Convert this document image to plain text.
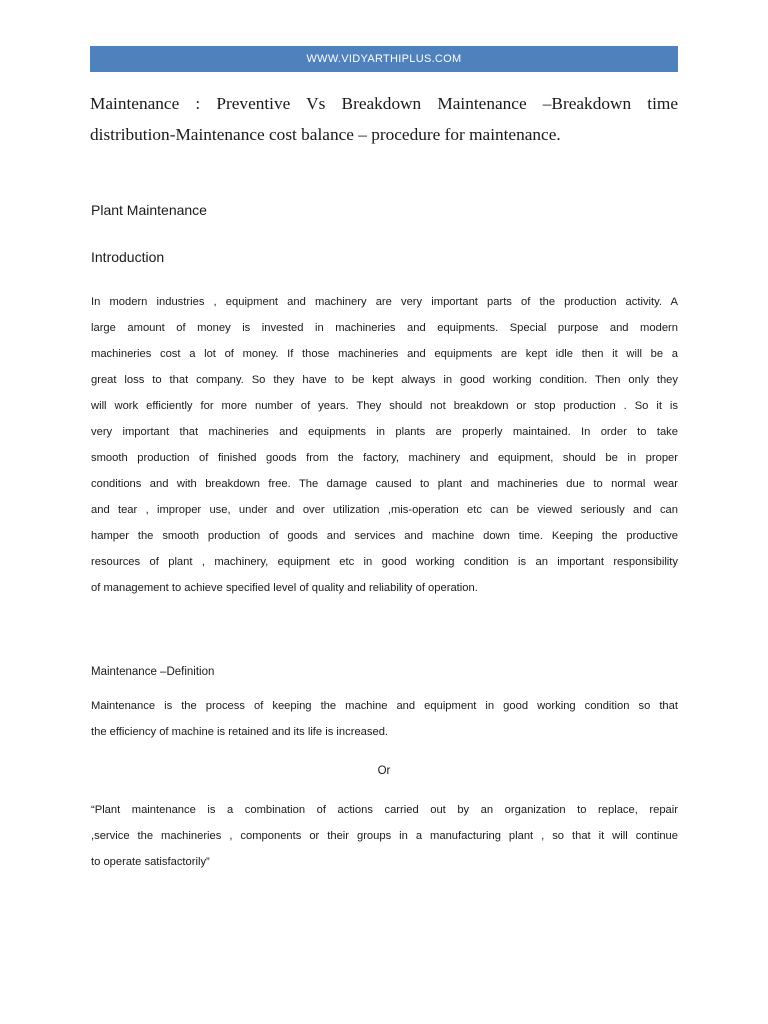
WWW.VIDYARTHIPLUS.COM
Maintenance : Preventive Vs Breakdown Maintenance –Breakdown time
distribution-Maintenance cost balance – procedure for maintenance.
Plant Maintenance
Introduction
In modern industries , equipment and machinery are very important parts of the production activity. A
large amount of money is invested in machineries and equipments. Special purpose and modern
machineries cost a lot of money. If those machineries and equipments are kept idle then it will be a
great loss to that company. So they have to be kept always in good working condition. Then only they
will work efficiently for more number of years. They should not breakdown or stop production . So it is
very important that machineries and equipments in plants are properly maintained. In order to take
smooth production of finished goods from the factory, machinery and equipment, should be in proper
conditions and with breakdown free. The damage caused to plant and machineries due to normal wear
and tear , improper use, under and over utilization ,mis-operation etc can be viewed seriously and can
hamper the smooth production of goods and services and machine down time. Keeping the productive
resources of plant , machinery, equipment etc in good working condition is an important responsibility
of management to achieve specified level of quality and reliability of operation.
Maintenance –Definition
Maintenance is the process of keeping the machine and equipment in good working condition so that
the efficiency of machine is retained and its life is increased.
Or
“Plant maintenance is a combination of actions carried out by an organization to replace, repair
,service the machineries , components or their groups in a manufacturing plant , so that it will continue
to operate satisfactorily”
